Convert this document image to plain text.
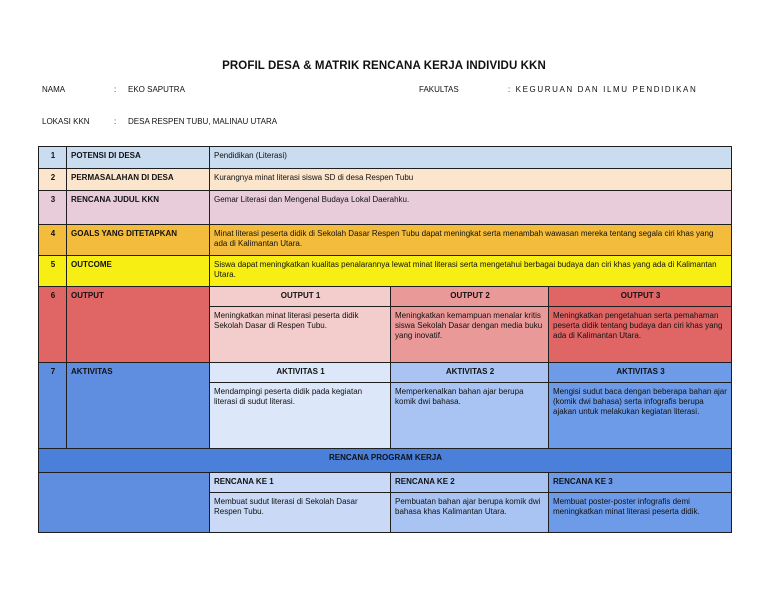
PROFIL DESA & MATRIK RENCANA KERJA INDIVIDU KKN
NAMA	: EKO SAPUTRA	FAKULTAS	: KEGURUAN DAN ILMU PENDIDIKAN
LOKASI KKN	: DESA RESPEN TUBU, MALINAU UTARA
1	POTENSI DI DESA	Pendidikan (Literasi)		
2	PERMASALAHAN DI DESA	Kurangnya minat literasi siswa SD di desa Respen Tubu		
3	RENCANA JUDUL KKN	Gemar Literasi dan Mengenal Budaya Lokal Daerahku.		
4	GOALS YANG DITETAPKAN	Minat literasi peserta didik di Sekolah Dasar Respen Tubu dapat meningkat serta menambah wawasan mereka tentang segala ciri khas yang ada di Kalimantan Utara.		
5	OUTCOME	Siswa dapat meningkatkan kualitas penalarannya lewat minat literasi serta mengetahui berbagai budaya dan ciri khas yang ada di Kalimantan Utara.		
6	OUTPUT	OUTPUT 1	OUTPUT 2	OUTPUT 3
		Meningkatkan minat literasi peserta didik Sekolah Dasar di Respen Tubu.	Meningkatkan kemampuan menalar kritis siswa Sekolah Dasar dengan media buku yang inovatif.	Meningkatkan pengetahuan serta pemahaman peserta didik tentang budaya dan ciri khas yang ada di Kalimantan Utara.
7	AKTIVITAS	AKTIVITAS 1	AKTIVITAS 2	AKTIVITAS 3
		Mendampingi peserta didik pada kegiatan literasi di sudut literasi.	Memperkenalkan bahan ajar berupa komik dwi bahasa.	Mengisi sudut baca dengan beberapa bahan ajar (komik dwi bahasa) serta infografis berupa ajakan untuk melakukan kegiatan literasi.
RENCANA PROGRAM KERJA				
		RENCANA KE 1	RENCANA KE 2	RENCANA KE 3
		Membuat sudut literasi di Sekolah Dasar Respen Tubu.	Pembuatan bahan ajar berupa komik dwi bahasa khas Kalimantan Utara.	Membuat poster-poster infografis demi meningkatkan minat literasi peserta didik.
